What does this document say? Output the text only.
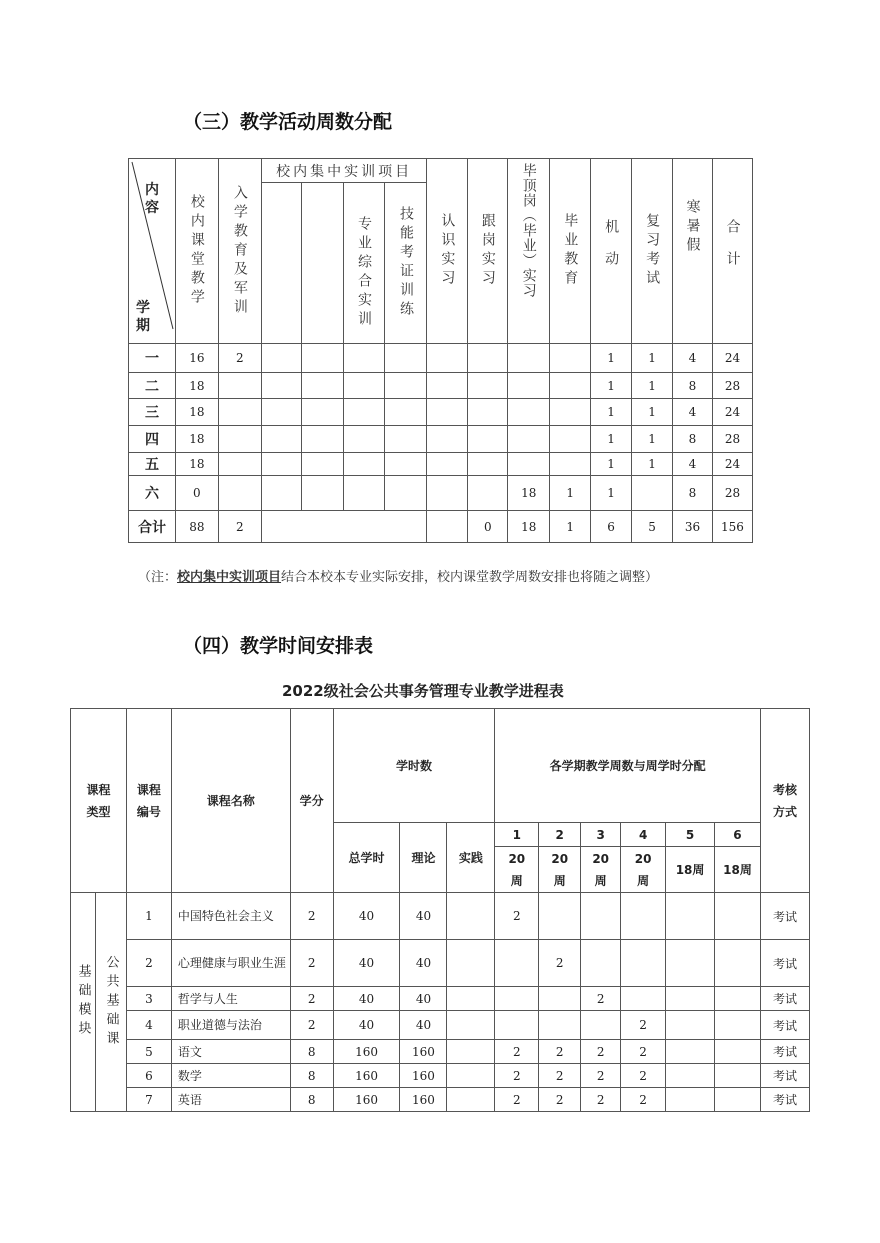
（三）教学活动周数分配
内容
学期	校内课堂教学	入学教育及军训	校内集中实训项目				认识实习	跟岗实习	毕顶岗（毕业）实习	毕业教育	机动	复习考试	寒暑假	合计

					专业综合实训	技能考证训练								

一	16	2									1	1	4	24
二	18										1	1	8	28
三	18										1	1	4	24
四	18										1	1	8	28
五	18										1	1	4	24
六	0								18	1	1		8	28
合计	88	2						0	18	1	6	5	36	156
（注：校内集中实训项目结合本校本专业实际安排，校内课堂教学周数安排也将随之调整）
（四）教学时间安排表
2022级社会公共事务管理专业教学进程表
课程类型		课程编号	课程名称	学分	学时数			各学期教学周数与周学时分配						考核方式

					总学时	理论	实践	1	2	3	4	5	6	

								20周	20周	20周	20周	18周	18周	

基础模块	公共基础课	1	中国特色社会主义	2	40	40		2						考试
		2	心理健康与职业生涯	2	40	40			2					考试
		3	哲学与人生	2	40	40				2				考试
		4	职业道德与法治	2	40	40					2			考试
		5	语文	8	160	160		2	2	2	2			考试
		6	数学	8	160	160		2	2	2	2			考试
		7	英语	8	160	160		2	2	2	2			考试
